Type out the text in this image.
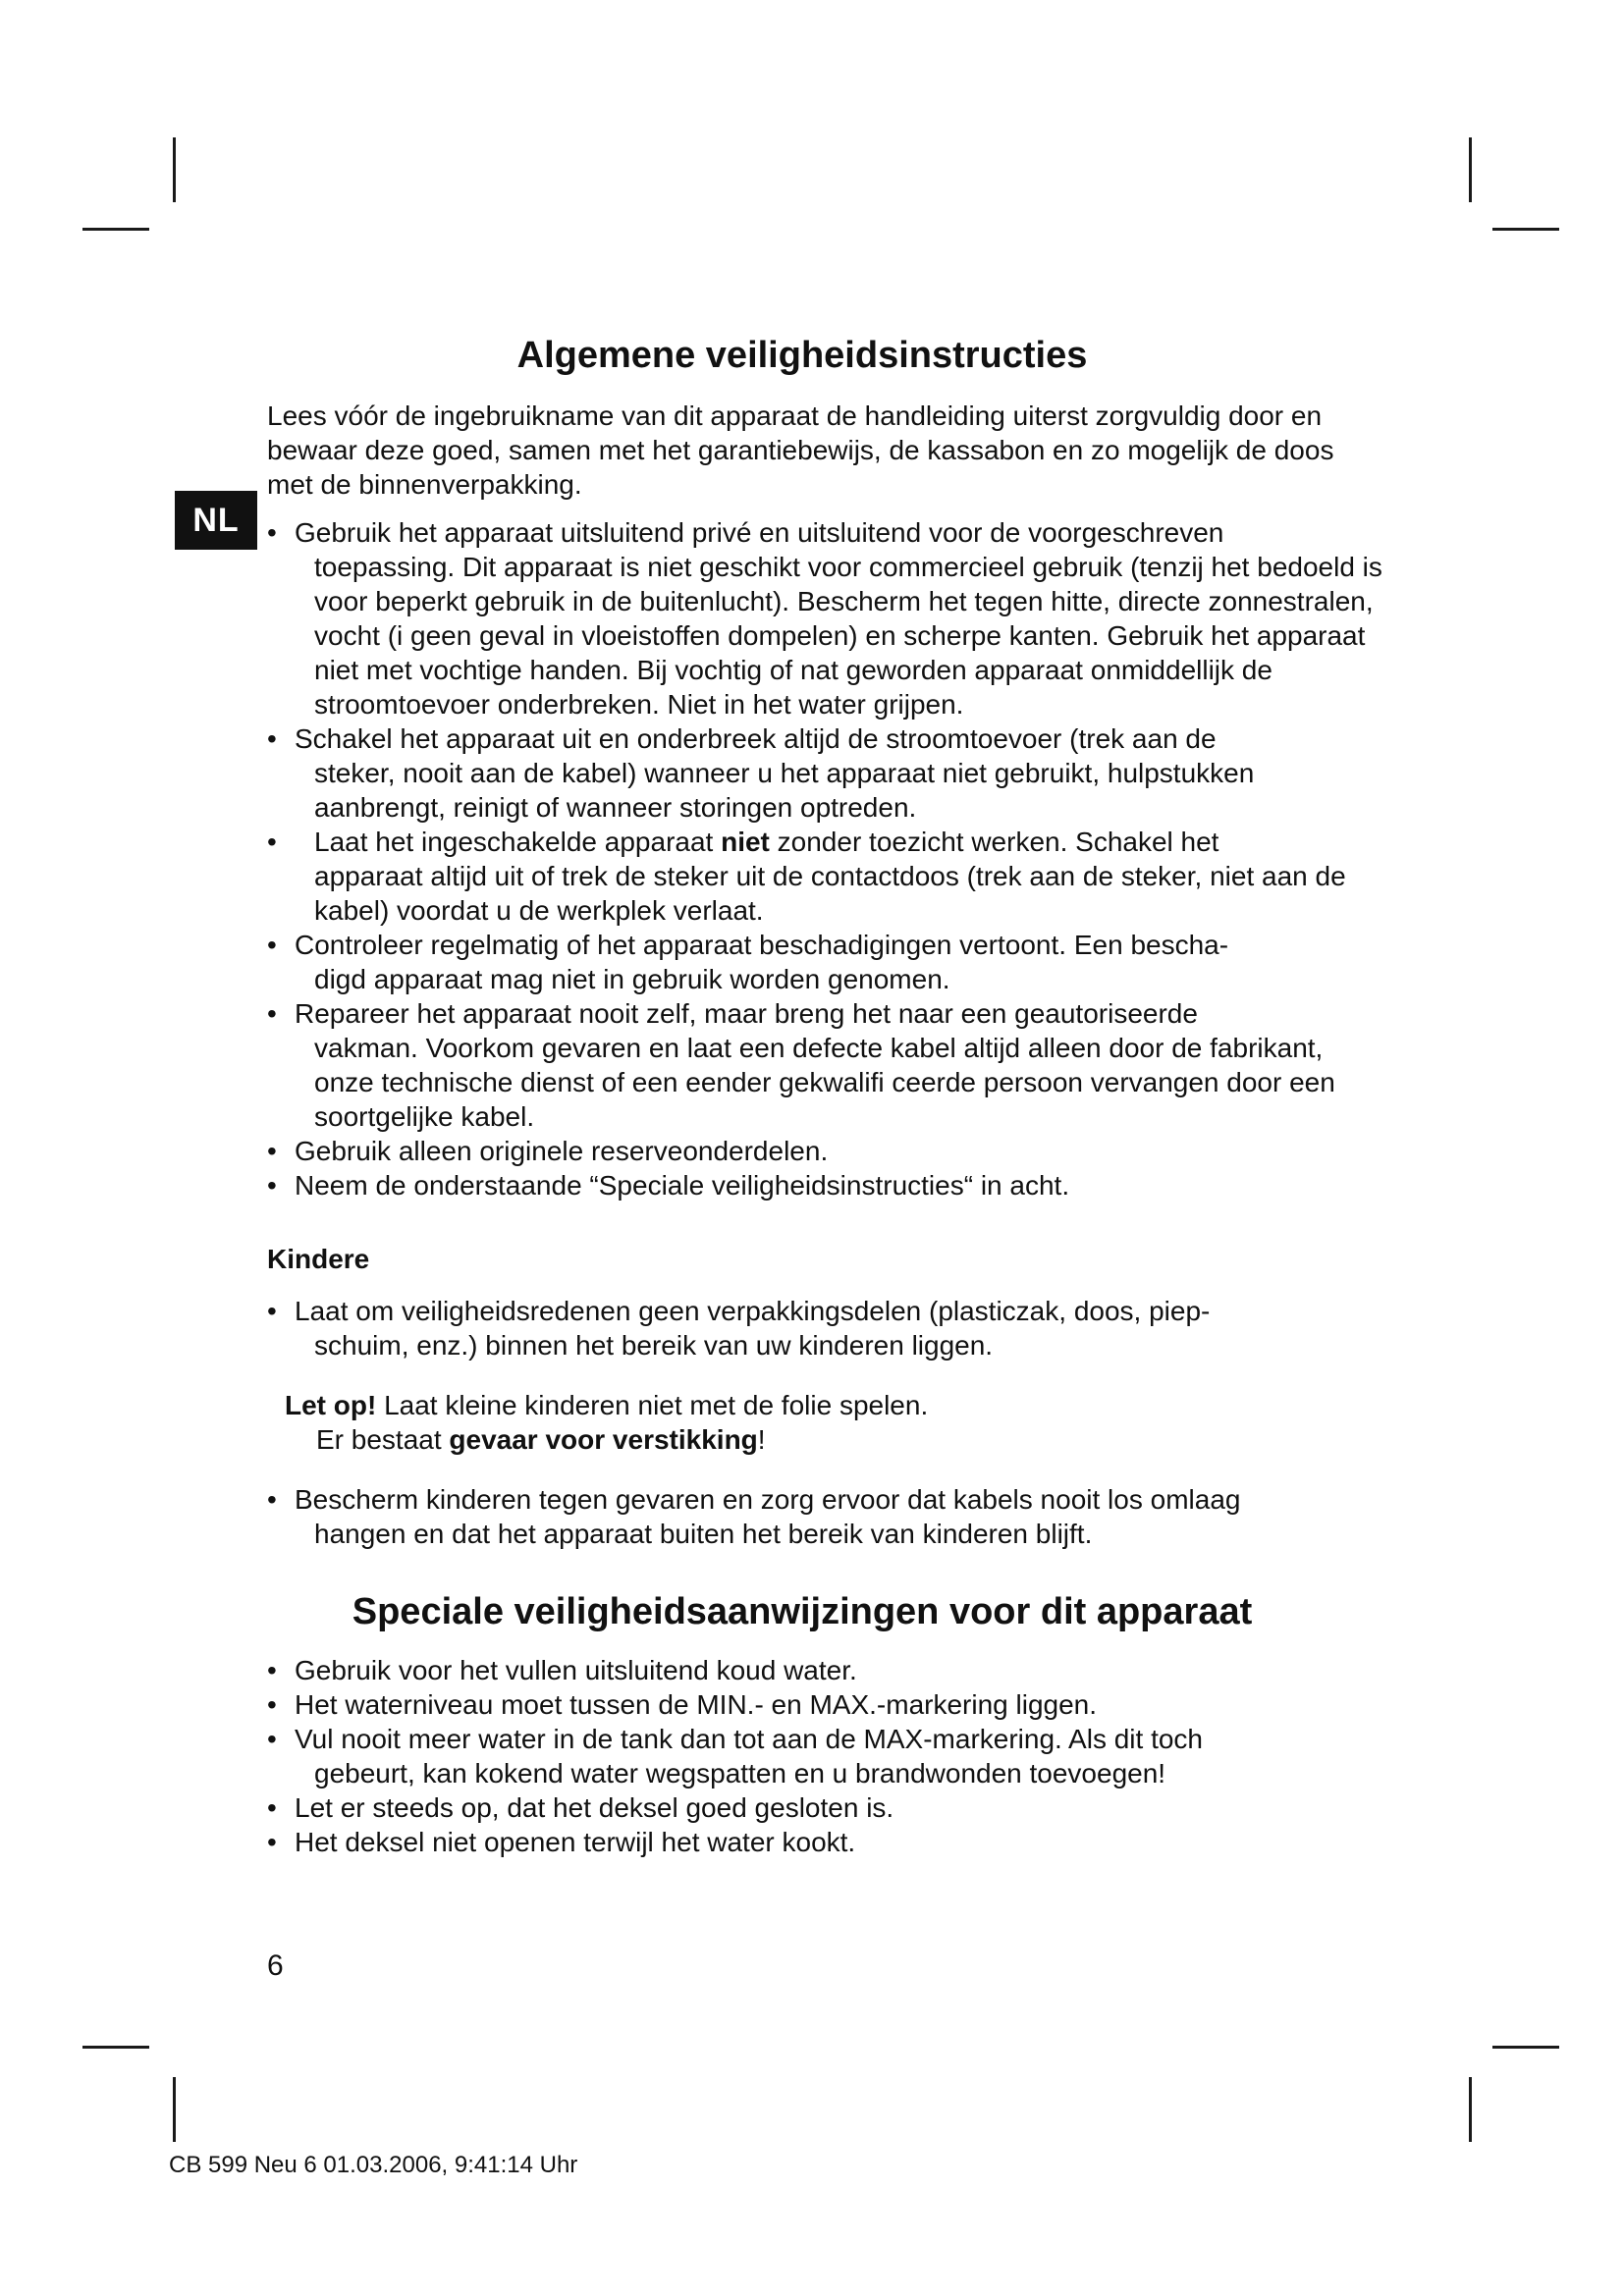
NL
Algemene veiligheidsinstructies

Lees vóór de ingebruikname van dit apparaat de handleiding uiterst zorgvuldig door en bewaar deze goed, samen met het garantiebewijs, de kassabon en zo mogelijk de doos met de binnenverpakking.

• Gebruik het apparaat uitsluitend privé en uitsluitend voor de voorgeschreven
toepassing. Dit apparaat is niet geschikt voor commercieel gebruik (tenzij het bedoeld is voor beperkt gebruik in de buitenlucht). Bescherm het tegen hitte, directe zonnestralen, vocht (i geen geval in vloeistoffen dompelen) en scherpe kanten. Gebruik het apparaat niet met vochtige handen. Bij vochtig of nat geworden apparaat onmiddellijk de stroomtoevoer onderbreken. Niet in het water grijpen.
• Schakel het apparaat uit en onderbreek altijd de stroomtoevoer (trek aan de
steker, nooit aan de kabel) wanneer u het apparaat niet gebruikt, hulpstukken aanbrengt, reinigt of wanneer storingen optreden.
• Laat het ingeschakelde apparaat niet zonder toezicht werken. Schakel het
apparaat altijd uit of trek de steker uit de contactdoos (trek aan de steker, niet aan de kabel) voordat u de werkplek verlaat.
• Controleer regelmatig of het apparaat beschadigingen vertoont. Een bescha-
digd apparaat mag niet in gebruik worden genomen.
• Repareer het apparaat nooit zelf, maar breng het naar een geautoriseerde
vakman. Voorkom gevaren en laat een defecte kabel altijd alleen door de fabrikant, onze technische dienst of een eender gekwalifi ceerde persoon vervangen door een soortgelijke kabel.
• Gebruik alleen originele reserveonderdelen.
• Neem de onderstaande “Speciale veiligheidsinstructies“ in acht.
Kindere
• Laat om veiligheidsredenen geen verpakkingsdelen (plasticzak, doos, piep-
schuim, enz.) binnen het bereik van uw kinderen liggen.
Let op! Laat kleine kinderen niet met de folie spelen.
Er bestaat gevaar voor verstikking!
• Bescherm kinderen tegen gevaren en zorg ervoor dat kabels nooit los omlaag
hangen en dat het apparaat buiten het bereik van kinderen blijft.
Speciale veiligheidsaanwijzingen voor dit apparaat
• Gebruik voor het vullen uitsluitend koud water.
• Het waterniveau moet tussen de MIN.- en MAX.-markering liggen.
• Vul nooit meer water in de tank dan tot aan de MAX-markering. Als dit toch
gebeurt, kan kokend water wegspatten en u brandwonden toevoegen!
• Let er steeds op, dat het deksel goed gesloten is.
• Het deksel niet openen terwijl het water kookt.
6
CB 599 Neu 6 01.03.2006, 9:41:14 Uhr
